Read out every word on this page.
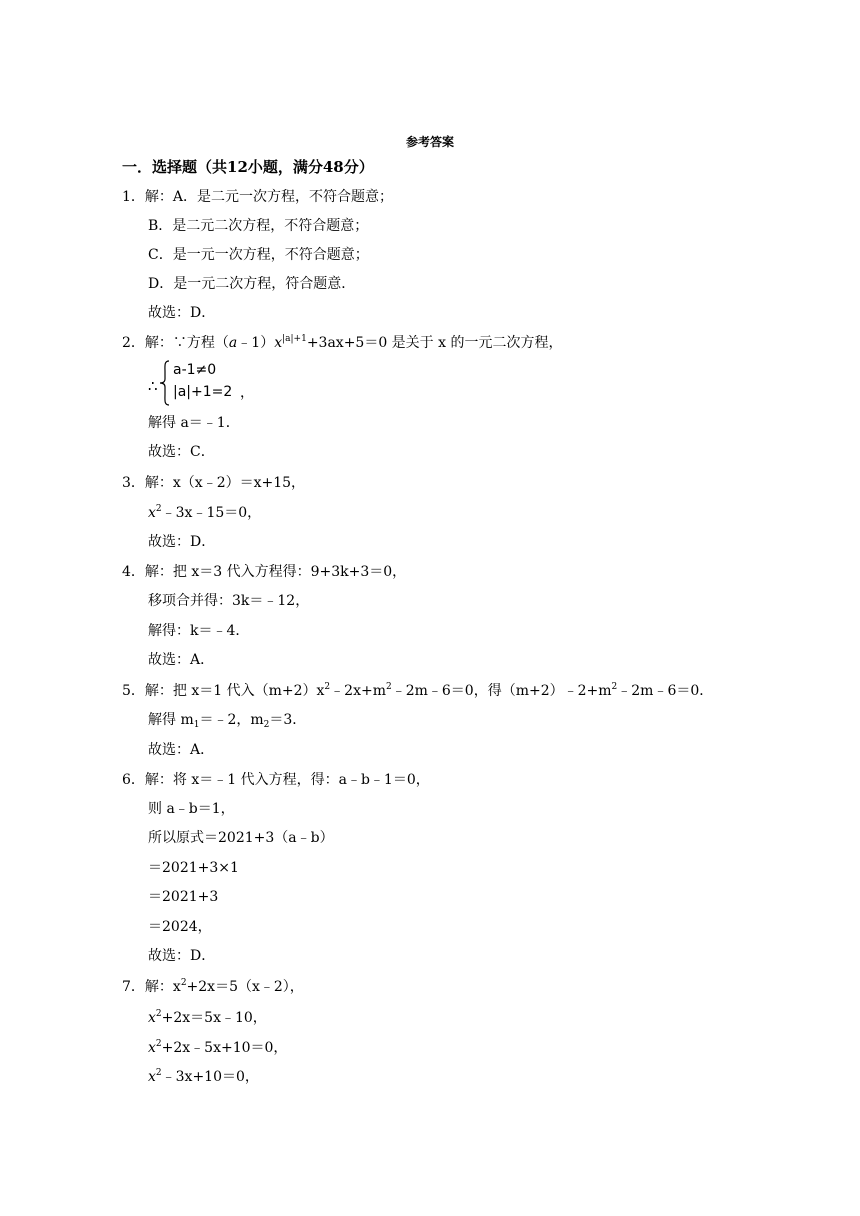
参考答案
一．选择题（共12小题，满分48分）
1．解：A．是二元一次方程，不符合题意；
B．是二元二次方程，不符合题意；
C．是一元一次方程，不符合题意；
D．是一元二次方程，符合题意．
故选：D．
2．解：∵方程$(a﹣1)x^{|a|+1}+3ax+5=0$ 是关于 x 的一元二次方程，
∴
a-1≠0
|a|+1=2 ，
解得 a＝﹣1．
故选：C．
3．解：x（x﹣2）＝x+15，
$x^2﹣3x﹣15=0$，
故选：D．
4．解：把 x＝3 代入方程得：9+3k+3＝0，
移项合并得：3k＝﹣12，
解得：k＝﹣4．
故选：A．
5．解：把 x＝1 代入$(m+2)x^2﹣2x+m^2﹣2m﹣6=0$，得$(m+2)﹣2+m^2﹣2m﹣6=0$．
解得 $m_1=﹣2$，$m_2=3$．
故选：A．
6．解：将 x＝﹣1 代入方程，得：a﹣b﹣1＝0，
则 a﹣b＝1，
所以原式＝2021+3（a﹣b）
＝2021+3×1
＝2021+3
＝2024，
故选：D．
7．解：$x^2+2x=5(x﹣2)$，
$x^2+2x=5x﹣10$，
$x^2+2x﹣5x+10=0$，
$x^2﹣3x+10=0$，
